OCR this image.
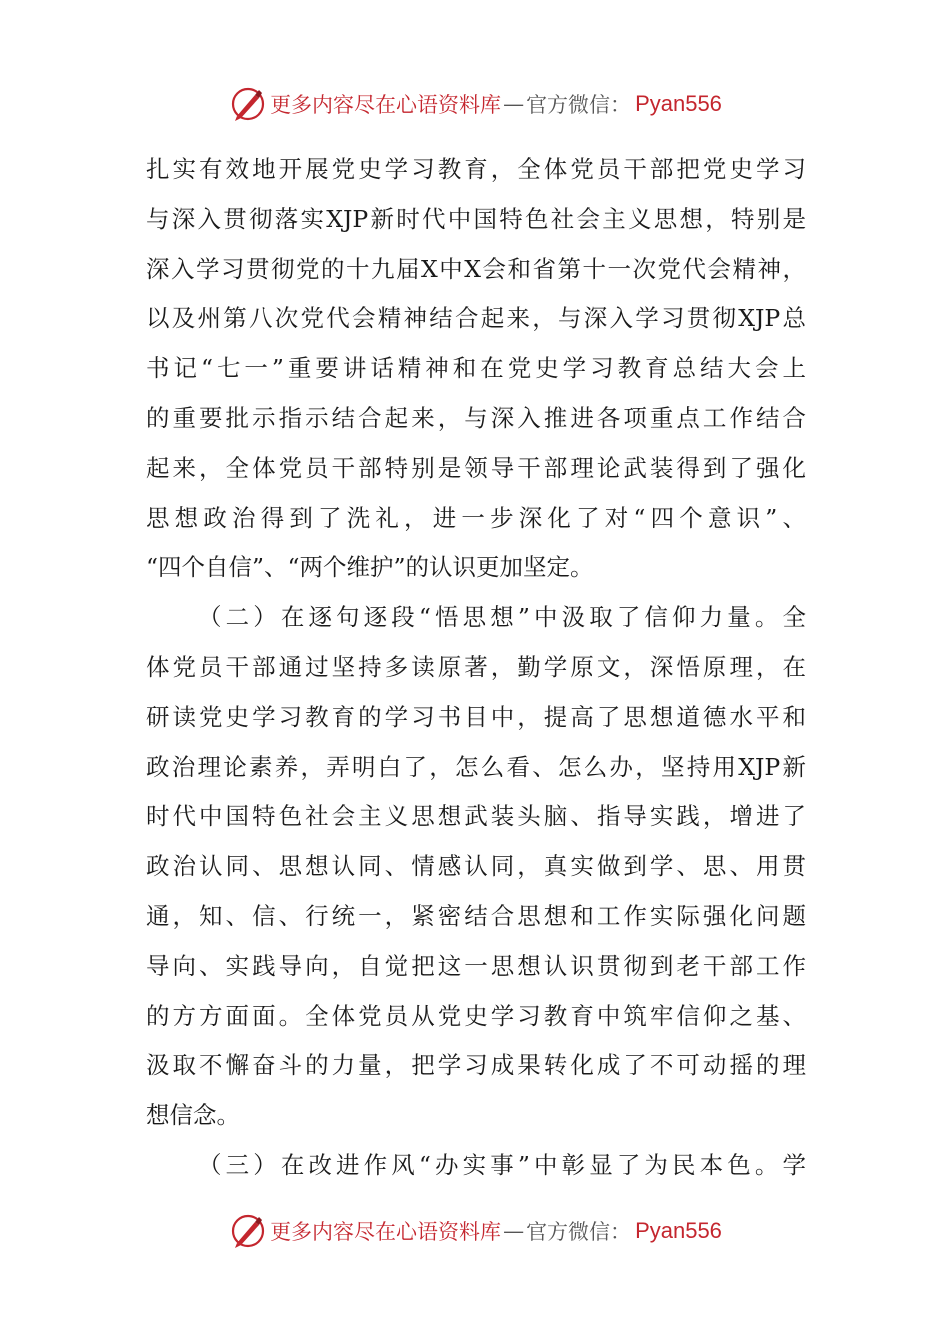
更多内容尽在心语资料库 — 官方微信： Pyan556
扎实有效地开展党史学习教育，全体党员干部把党史学习
与深入贯彻落实XJP新时代中国特色社会主义思想，特别是
深入学习贯彻党的十九届X中X会和省第十一次党代会精神，
以及州第八次党代会精神结合起来，与深入学习贯彻XJP总
书记“七一”重要讲话精神和在党史学习教育总结大会上
的重要批示指示结合起来，与深入推进各项重点工作结合
起来，全体党员干部特别是领导干部理论武装得到了强化
思想政治得到了洗礼，进一步深化了对“四个意识”、
“四个自信”、“两个维护”的认识更加坚定。
（二）在逐句逐段“悟思想”中汲取了信仰力量。全
体党员干部通过坚持多读原著，勤学原文，深悟原理，在
研读党史学习教育的学习书目中，提高了思想道德水平和
政治理论素养，弄明白了，怎么看、怎么办，坚持用XJP新
时代中国特色社会主义思想武装头脑、指导实践，增进了
政治认同、思想认同、情感认同，真实做到学、思、用贯
通，知、信、行统一，紧密结合思想和工作实际强化问题
导向、实践导向，自觉把这一思想认识贯彻到老干部工作
的方方面面。全体党员从党史学习教育中筑牢信仰之基、
汲取不懈奋斗的力量，把学习成果转化成了不可动摇的理
想信念。
（三）在改进作风“办实事”中彰显了为民本色。学
更多内容尽在心语资料库 — 官方微信： Pyan556
